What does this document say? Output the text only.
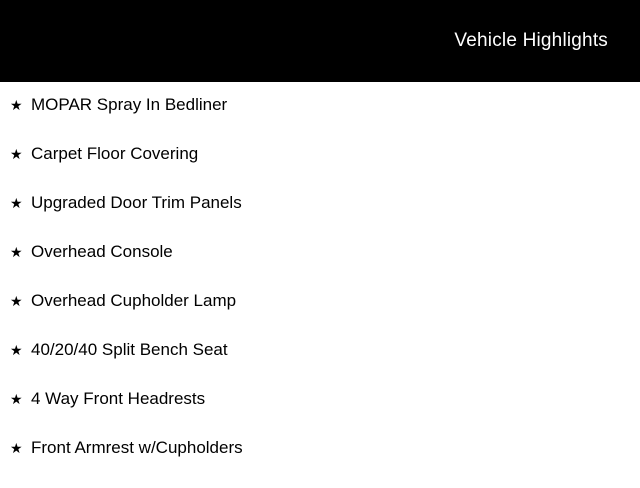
Vehicle Highlights
★ MOPAR Spray In Bedliner
★ Carpet Floor Covering
★ Upgraded Door Trim Panels
★ Overhead Console
★ Overhead Cupholder Lamp
★ 40/20/40 Split Bench Seat
★ 4 Way Front Headrests
★ Front Armrest w/Cupholders
